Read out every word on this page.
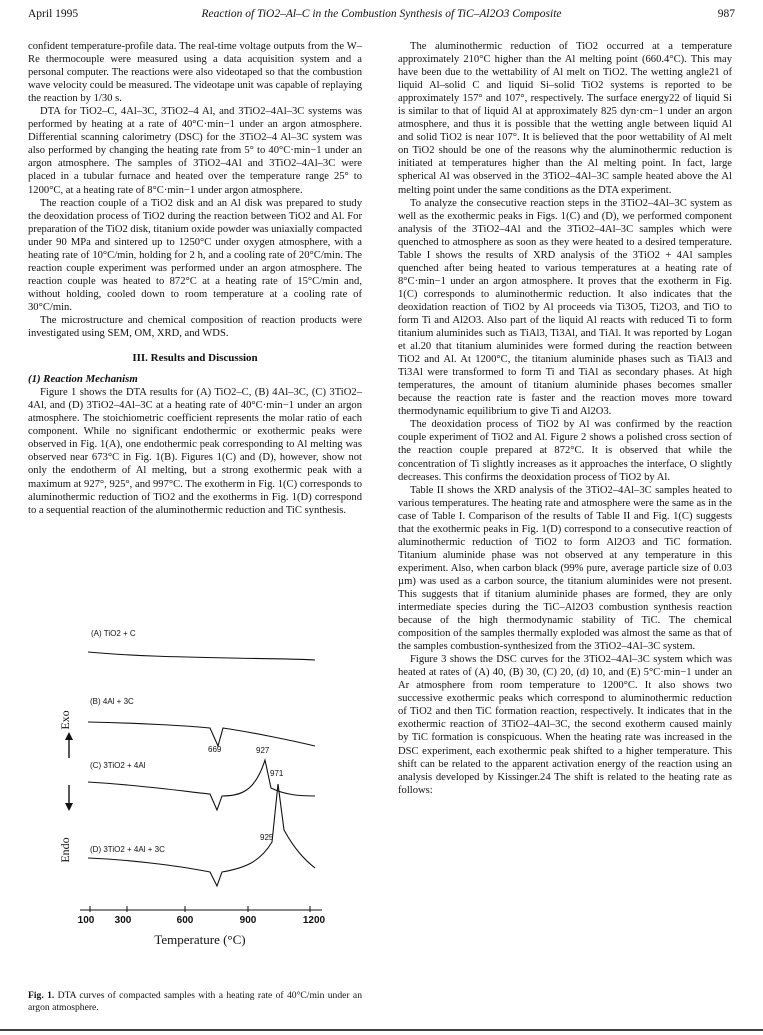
April 1995	Reaction of TiO2–Al–C in the Combustion Synthesis of TiC–Al2O3 Composite	987

confident temperature-profile data. The real-time voltage outputs from the W–Re thermocouple were measured using a data acquisition system and a personal computer. The reactions were also videotaped so that the combustion wave velocity could be measured. The videotape unit was capable of replaying the reaction by 1/30 s.

DTA for TiO2–C, 4Al–3C, 3TiO2–4 Al, and 3TiO2–4Al–3C systems was performed by heating at a rate of 40°C·min−1 under an argon atmosphere. Differential scanning calorimetry (DSC) for the 3TiO2–4 Al–3C system was also performed by changing the heating rate from 5° to 40°C·min−1 under an argon atmosphere. The samples of 3TiO2–4Al and 3TiO2–4Al–3C were placed in a tubular furnace and heated over the temperature range 25° to 1200°C, at a heating rate of 8°C·min−1 under argon atmosphere.

The reaction couple of a TiO2 disk and an Al disk was prepared to study the deoxidation process of TiO2 during the reaction between TiO2 and Al. For preparation of the TiO2 disk, titanium oxide powder was uniaxially compacted under 90 MPa and sintered up to 1250°C under oxygen atmosphere, with a heating rate of 10°C/min, holding for 2 h, and a cooling rate of 20°C/min. The reaction couple experiment was performed under an argon atmosphere. The reaction couple was heated to 872°C at a heating rate of 15°C/min and, without holding, cooled down to room temperature at a cooling rate of 30°C/min.

The microstructure and chemical composition of reaction products were investigated using SEM, OM, XRD, and WDS.

III. Results and Discussion
(1) Reaction Mechanism

Figure 1 shows the DTA results for (A) TiO2–C, (B) 4Al–3C, (C) 3TiO2–4Al, and (D) 3TiO2–4Al–3C at a heating rate of 40°C·min−1 under an argon atmosphere. The stoichiometric coefficient represents the molar ratio of each component. While no significant endothermic or exothermic peaks were observed in Fig. 1(A), one endothermic peak corresponding to Al melting was observed near 673°C in Fig. 1(B). Figures 1(C) and (D), however, show not only the endotherm of Al melting, but a strong exothermic peak with a maximum at 927°, 925°, and 997°C. The exotherm in Fig. 1(C) corresponds to aluminothermic reduction of TiO2 and the exotherms in Fig. 1(D) correspond to a sequential reaction of the aluminothermic reduction and TiC synthesis.

(A) TiO2 + C
(B) 4Al + 3C
(C) 3TiO2 + 4Al
(D) 3TiO2 + 4Al + 3C
669	927
971
925
100 300	600	900	1200
Temperature (°C)
Exo
Endo
Fig. 1. DTA curves of compacted samples with a heating rate of 40°C/min under an argon atmosphere.

The aluminothermic reduction of TiO2 occurred at a temperature approximately 210°C higher than the Al melting point (660.4°C). This may have been due to the wettability of Al melt on TiO2. The wetting angle21 of liquid Al–solid C and liquid Si–solid TiO2 systems is reported to be approximately 157° and 107°, respectively. The surface energy22 of liquid Si is similar to that of liquid Al at approximately 825 dyn·cm−1 under an argon atmosphere, and thus it is possible that the wetting angle between liquid Al and solid TiO2 is near 107°. It is believed that the poor wettability of Al melt on TiO2 should be one of the reasons why the aluminothermic reduction is initiated at temperatures higher than the Al melting point. In fact, large spherical Al was observed in the 3TiO2–4Al–3C sample heated above the Al melting point under the same conditions as the DTA experiment.

To analyze the consecutive reaction steps in the 3TiO2–4Al–3C system as well as the exothermic peaks in Figs. 1(C) and (D), we performed component analysis of the 3TiO2–4Al and the 3TiO2–4Al–3C samples which were quenched to atmosphere as soon as they were heated to a desired temperature. Table I shows the results of XRD analysis of the 3TiO2 + 4Al samples quenched after being heated to various temperatures at a heating rate of 8°C·min−1 under an argon atmosphere. It proves that the exotherm in Fig. 1(C) corresponds to aluminothermic reduction. It also indicates that the deoxidation reaction of TiO2 by Al proceeds via Ti3O5, Ti2O3, and TiO to form Ti and Al2O3. Also part of the liquid Al reacts with reduced Ti to form titanium aluminides such as TiAl3, Ti3Al, and TiAl. It was reported by Logan et al.20 that titanium aluminides were formed during the reaction between TiO2 and Al. At 1200°C, the titanium aluminide phases such as TiAl3 and Ti3Al were transformed to form Ti and TiAl as secondary phases. At high temperatures, the amount of titanium aluminide phases becomes smaller because the reaction rate is faster and the reaction moves more toward thermodynamic equilibrium to give Ti and Al2O3.

The deoxidation process of TiO2 by Al was confirmed by the reaction couple experiment of TiO2 and Al. Figure 2 shows a polished cross section of the reaction couple prepared at 872°C. It is observed that while the concentration of Ti slightly increases as it approaches the interface, O slightly decreases. This confirms the deoxidation process of TiO2 by Al.

Table II shows the XRD analysis of the 3TiO2–4Al–3C samples heated to various temperatures. The heating rate and atmosphere were the same as in the case of Table I. Comparison of the results of Table II and Fig. 1(C) suggests that the exothermic peaks in Fig. 1(D) correspond to a consecutive reaction of aluminothermic reduction of TiO2 to form Al2O3 and TiC formation. Titanium aluminide phase was not observed at any temperature in this experiment. Also, when carbon black (99% pure, average particle size of 0.03 µm) was used as a carbon source, the titanium aluminides were not present. This suggests that if titanium aluminide phases are formed, they are only intermediate species during the TiC–Al2O3 combustion synthesis reaction because of the high thermodynamic stability of TiC. The chemical composition of the samples thermally exploded was almost the same as that of the samples combustion-synthesized from the 3TiO2–4Al–3C system.

Figure 3 shows the DSC curves for the 3TiO2–4Al–3C system which was heated at rates of (A) 40, (B) 30, (C) 20, (d) 10, and (E) 5°C·min−1 under an Ar atmosphere from room temperature to 1200°C. It also shows two successive exothermic peaks which correspond to aluminothermic reduction of TiO2 and then TiC formation reaction, respectively. It indicates that in the exothermic reaction of 3TiO2–4Al–3C, the second exotherm caused mainly by TiC formation is conspicuous. When the heating rate was increased in the DSC experiment, each exothermic peak shifted to a higher temperature. This shift can be related to the apparent activation energy of the reaction using an analysis developed by Kissinger.24 The shift is related to the heating rate as follows:
